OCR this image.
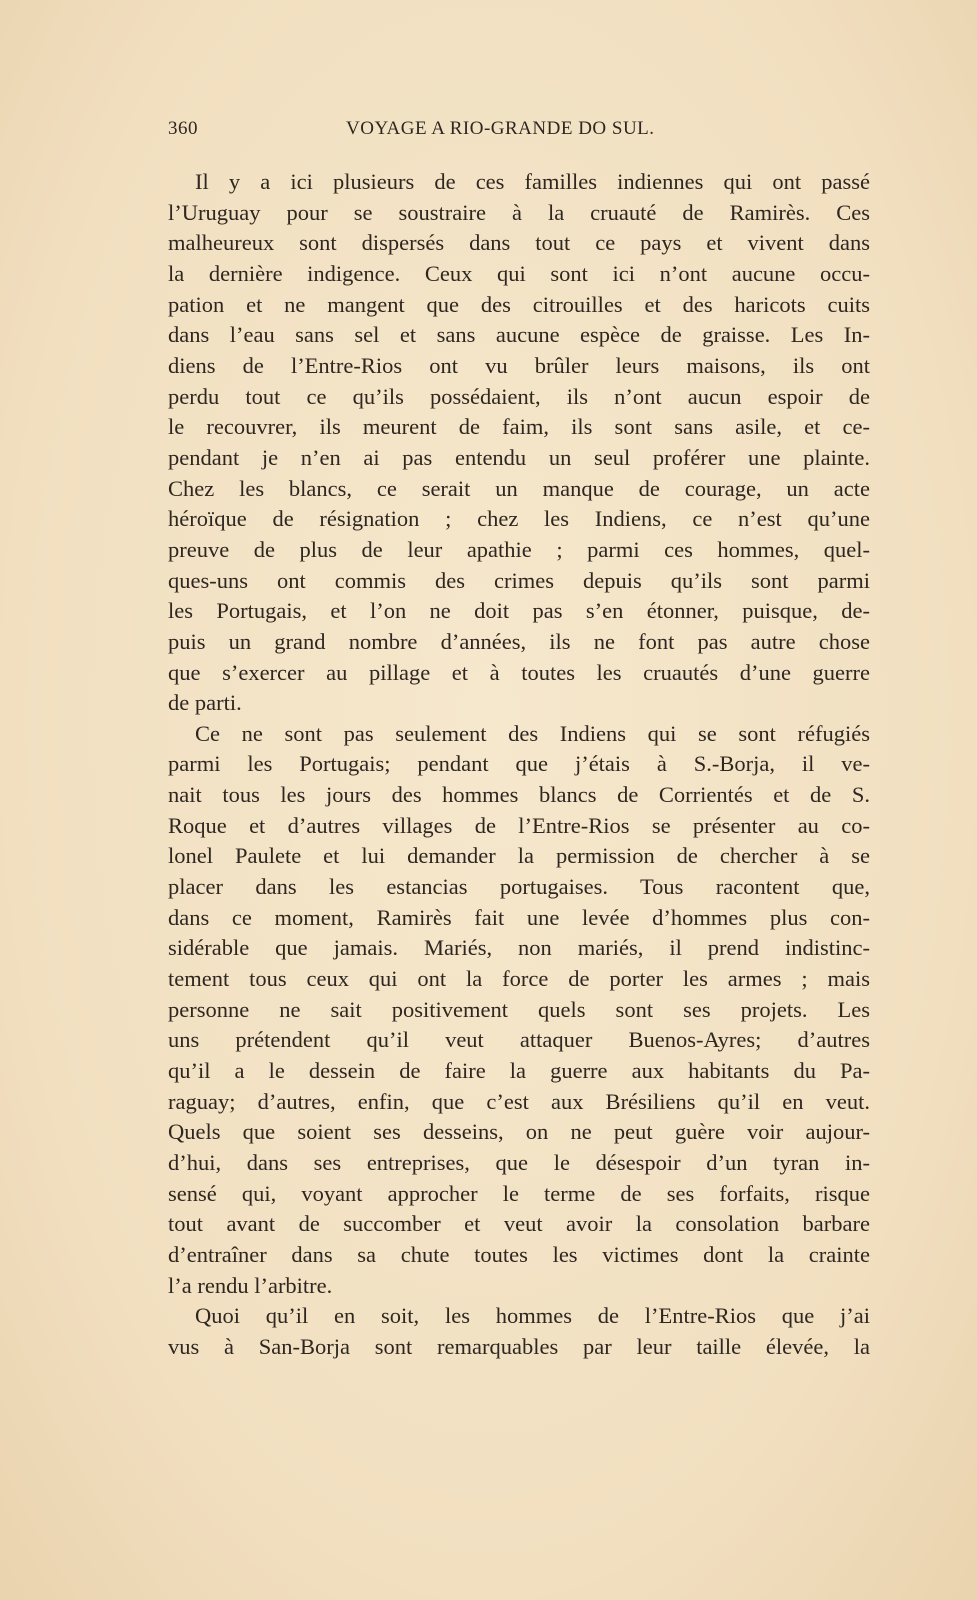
360	VOYAGE A RIO-GRANDE DO SUL.
Il y a ici plusieurs de ces familles indiennes qui ont passé
l’Uruguay pour se soustraire à la cruauté de Ramirès. Ces
malheureux sont dispersés dans tout ce pays et vivent dans
la dernière indigence. Ceux qui sont ici n’ont aucune occu-
pation et ne mangent que des citrouilles et des haricots cuits
dans l’eau sans sel et sans aucune espèce de graisse. Les In-
diens de l’Entre-Rios ont vu brûler leurs maisons, ils ont
perdu tout ce qu’ils possédaient, ils n’ont aucun espoir de
le recouvrer, ils meurent de faim, ils sont sans asile, et ce-
pendant je n’en ai pas entendu un seul proférer une plainte.
Chez les blancs, ce serait un manque de courage, un acte
héroïque de résignation ; chez les Indiens, ce n’est qu’une
preuve de plus de leur apathie ; parmi ces hommes, quel-
ques-uns ont commis des crimes depuis qu’ils sont parmi
les Portugais, et l’on ne doit pas s’en étonner, puisque, de-
puis un grand nombre d’années, ils ne font pas autre chose
que s’exercer au pillage et à toutes les cruautés d’une guerre
de parti.
Ce ne sont pas seulement des Indiens qui se sont réfugiés
parmi les Portugais; pendant que j’étais à S.-Borja, il ve-
nait tous les jours des hommes blancs de Corrientés et de S.
Roque et d’autres villages de l’Entre-Rios se présenter au co-
lonel Paulete et lui demander la permission de chercher à se
placer dans les estancias portugaises. Tous racontent que,
dans ce moment, Ramirès fait une levée d’hommes plus con-
sidérable que jamais. Mariés, non mariés, il prend indistinc-
tement tous ceux qui ont la force de porter les armes ; mais
personne ne sait positivement quels sont ses projets. Les
uns prétendent qu’il veut attaquer Buenos-Ayres; d’autres
qu’il a le dessein de faire la guerre aux habitants du Pa-
raguay; d’autres, enfin, que c’est aux Brésiliens qu’il en veut.
Quels que soient ses desseins, on ne peut guère voir aujour-
d’hui, dans ses entreprises, que le désespoir d’un tyran in-
sensé qui, voyant approcher le terme de ses forfaits, risque
tout avant de succomber et veut avoir la consolation barbare
d’entraîner dans sa chute toutes les victimes dont la crainte
l’a rendu l’arbitre.
Quoi qu’il en soit, les hommes de l’Entre-Rios que j’ai
vus à San-Borja sont remarquables par leur taille élevée, la
